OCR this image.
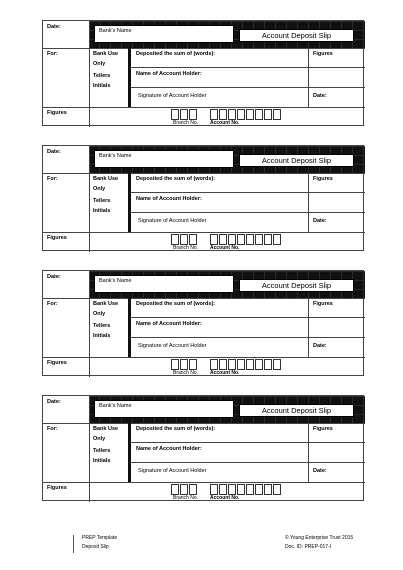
Date:
Bank's Name	Account Deposit Slip
For:	Bank Use
Only
Tellers
Initials
Deposited the sum of (words):	Figures
Name of Account Holder:
Signature of Account Holder	Date:
Figures
Branch No. Account No.
Date:
Bank's Name	Account Deposit Slip
For:	Bank Use
Only
Tellers
Initials
Deposited the sum of (words):	Figures
Name of Account Holder:
Signature of Account Holder	Date:
Figures
Branch No. Account No.
Date:
Bank's Name	Account Deposit Slip
For:	Bank Use
Only
Tellers
Initials
Deposited the sum of (words):	Figures
Name of Account Holder:
Signature of Account Holder	Date:
Figures
Branch No. Account No.
Date:
Bank's Name	Account Deposit Slip
For:	Bank Use
Only
Tellers
Initials
Deposited the sum of (words):	Figures
Name of Account Holder:
Signature of Account Holder	Date:
Figures
Branch No. Account No.
PREP Template
Deposit Slip
© Young Enterprise Trust 2015
Doc. ID: PREP-017-I
